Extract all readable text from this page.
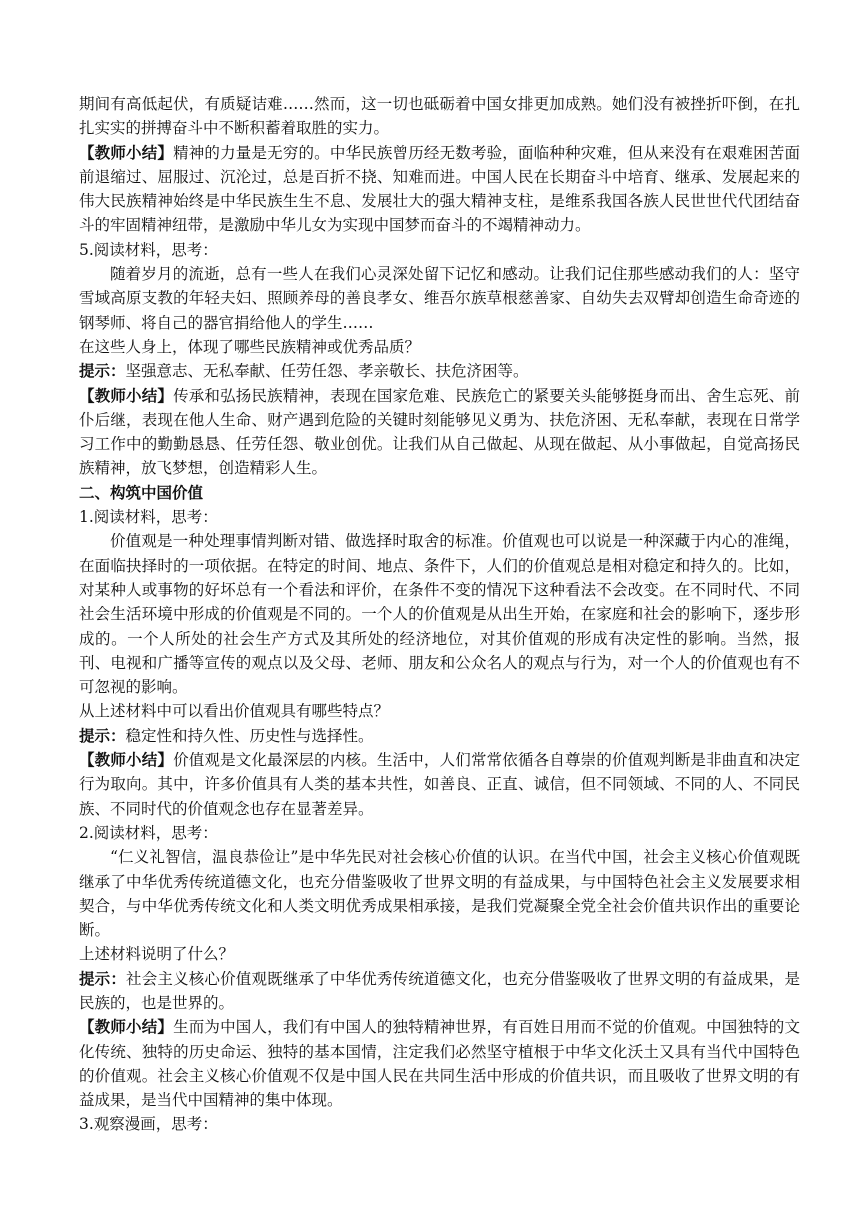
期间有高低起伏，有质疑诘难……然而，这一切也砥砺着中国女排更加成熟。她们没有被挫折吓倒，在扎扎实实的拼搏奋斗中不断积蓄着取胜的实力。

【教师小结】精神的力量是无穷的。中华民族曾历经无数考验，面临种种灾难，但从来没有在艰难困苦面前退缩过、屈服过、沉沦过，总是百折不挠、知难而进。中国人民在长期奋斗中培育、继承、发展起来的伟大民族精神始终是中华民族生生不息、发展壮大的强大精神支柱，是维系我国各族人民世世代代团结奋斗的牢固精神纽带，是激励中华儿女为实现中国梦而奋斗的不竭精神动力。

5.阅读材料，思考：

随着岁月的流逝，总有一些人在我们心灵深处留下记忆和感动。让我们记住那些感动我们的人：坚守雪域高原支教的年轻夫妇、照顾养母的善良孝女、维吾尔族草根慈善家、自幼失去双臂却创造生命奇迹的钢琴师、将自己的器官捐给他人的学生……

在这些人身上，体现了哪些民族精神或优秀品质？

提示：坚强意志、无私奉献、任劳任怨、孝亲敬长、扶危济困等。

【教师小结】传承和弘扬民族精神，表现在国家危难、民族危亡的紧要关头能够挺身而出、舍生忘死、前仆后继，表现在他人生命、财产遇到危险的关键时刻能够见义勇为、扶危济困、无私奉献，表现在日常学习工作中的勤勤恳恳、任劳任怨、敬业创优。让我们从自己做起、从现在做起、从小事做起，自觉高扬民族精神，放飞梦想，创造精彩人生。

二、构筑中国价值

1.阅读材料，思考：

价值观是一种处理事情判断对错、做选择时取舍的标准。价值观也可以说是一种深藏于内心的准绳，在面临抉择时的一项依据。在特定的时间、地点、条件下，人们的价值观总是相对稳定和持久的。比如，对某种人或事物的好坏总有一个看法和评价，在条件不变的情况下这种看法不会改变。在不同时代、不同社会生活环境中形成的价值观是不同的。一个人的价值观是从出生开始，在家庭和社会的影响下，逐步形成的。一个人所处的社会生产方式及其所处的经济地位，对其价值观的形成有决定性的影响。当然，报刊、电视和广播等宣传的观点以及父母、老师、朋友和公众名人的观点与行为，对一个人的价值观也有不可忽视的影响。

从上述材料中可以看出价值观具有哪些特点？

提示：稳定性和持久性、历史性与选择性。

【教师小结】价值观是文化最深层的内核。生活中，人们常常依循各自尊崇的价值观判断是非曲直和决定行为取向。其中，许多价值具有人类的基本共性，如善良、正直、诚信，但不同领域、不同的人、不同民族、不同时代的价值观念也存在显著差异。

2.阅读材料，思考：

“仁义礼智信，温良恭俭让”是中华先民对社会核心价值的认识。在当代中国，社会主义核心价值观既继承了中华优秀传统道德文化，也充分借鉴吸收了世界文明的有益成果，与中国特色社会主义发展要求相契合，与中华优秀传统文化和人类文明优秀成果相承接，是我们党凝聚全党全社会价值共识作出的重要论断。

上述材料说明了什么？

提示：社会主义核心价值观既继承了中华优秀传统道德文化，也充分借鉴吸收了世界文明的有益成果，是民族的，也是世界的。

【教师小结】生而为中国人，我们有中国人的独特精神世界，有百姓日用而不觉的价值观。中国独特的文化传统、独特的历史命运、独特的基本国情，注定我们必然坚守植根于中华文化沃土又具有当代中国特色的价值观。社会主义核心价值观不仅是中国人民在共同生活中形成的价值共识，而且吸收了世界文明的有益成果，是当代中国精神的集中体现。

3.观察漫画，思考：
